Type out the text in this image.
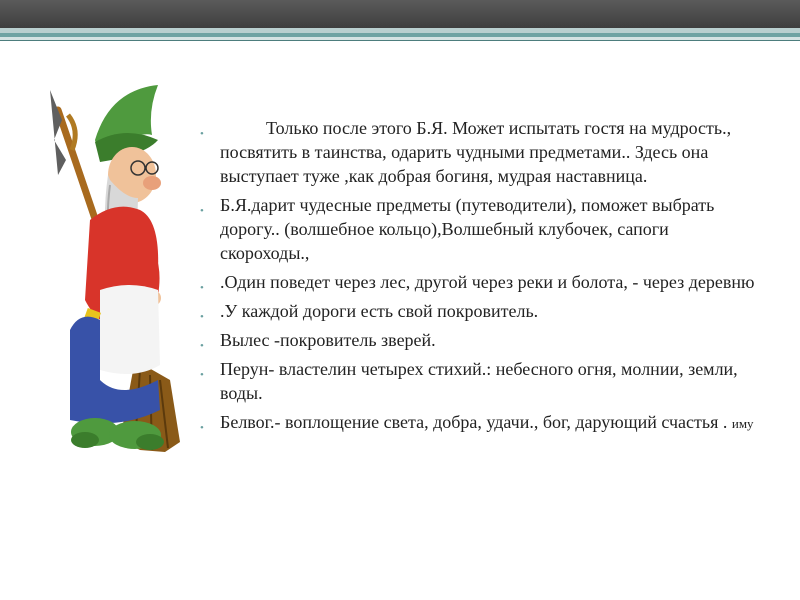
•	Только после этого Б.Я. Может испытать гостя на мудрость., посвятить в таинства, одарить чудными предметами.. Здесь она выступает туже ,как добрая богиня, мудрая наставница.
• Б.Я.дарит чудесные предметы (путеводители), поможет выбрать дорогу.. (волшебное кольцо),Волшебный клубочек, сапоги скороходы.,
• .Один поведет через лес, другой через реки и болота, - через деревню
• .У каждой дороги есть свой покровитель.
• Вылес -покровитель зверей.
• Перун- властелин четырех стихий.: небесного огня, молнии, земли, воды.
• Белвог.- воплощение света, добра, удачи., бог, дарующий счастья . иму
